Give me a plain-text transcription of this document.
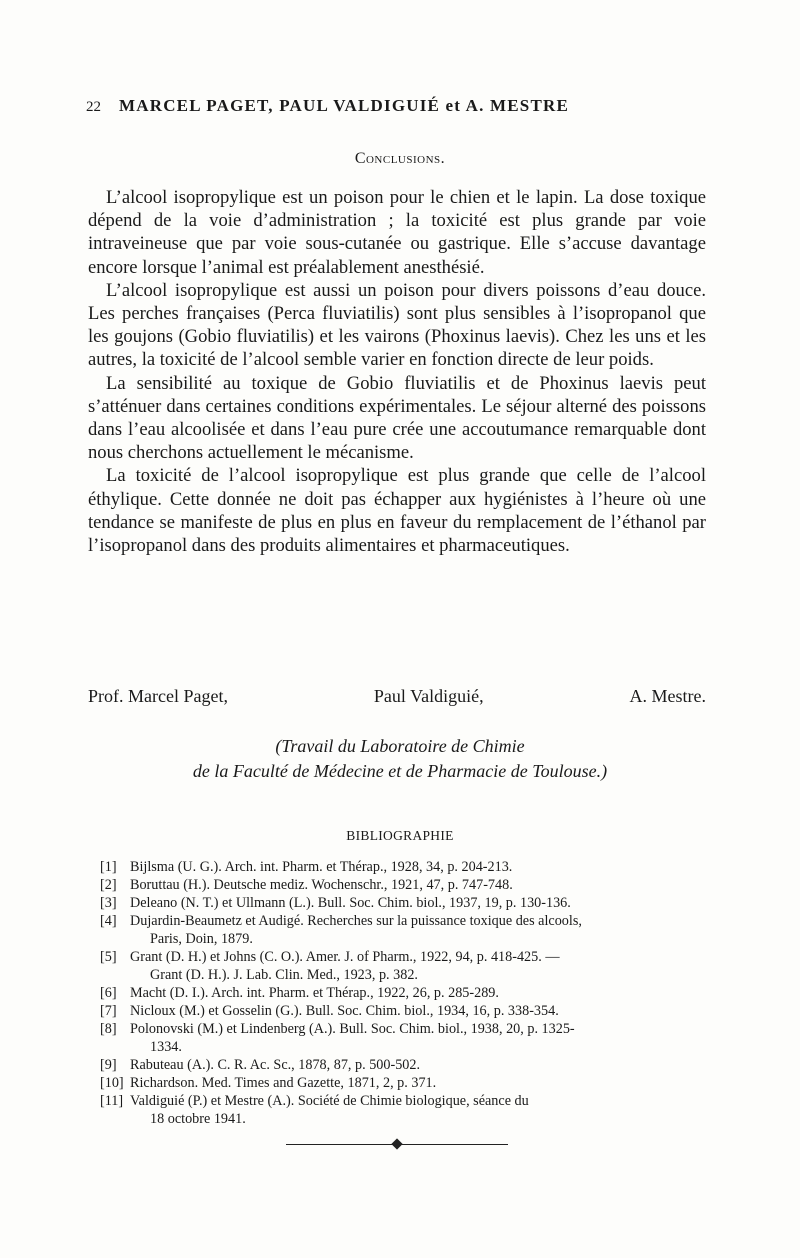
22 MARCEL PAGET, PAUL VALDIGUIÉ et A. MESTRE
Conclusions.

L’alcool isopropylique est un poison pour le chien et le lapin. La dose toxique dépend de la voie d’administration ; la toxicité est plus grande par voie intraveineuse que par voie sous-cutanée ou gastrique. Elle s’accuse davantage encore lorsque l’animal est préalablement anesthésié.

L’alcool isopropylique est aussi un poison pour divers poissons d’eau douce. Les perches françaises (Perca fluviatilis) sont plus sensibles à l’isopropanol que les goujons (Gobio fluviatilis) et les vairons (Phoxinus laevis). Chez les uns et les autres, la toxicité de l’alcool semble varier en fonction directe de leur poids.

La sensibilité au toxique de Gobio fluviatilis et de Phoxinus laevis peut s’atténuer dans certaines conditions expérimentales. Le séjour alterné des poissons dans l’eau alcoolisée et dans l’eau pure crée une accoutumance remarquable dont nous cherchons actuellement le mécanisme.

La toxicité de l’alcool isopropylique est plus grande que celle de l’alcool éthylique. Cette donnée ne doit pas échapper aux hygiénistes à l’heure où une tendance se manifeste de plus en plus en faveur du remplacement de l’éthanol par l’isopropanol dans des produits alimentaires et pharmaceutiques.

Prof. Marcel Paget,	Paul Valdiguié,	A. Mestre.
(Travail du Laboratoire de Chimie
de la Faculté de Médecine et de Pharmacie de Toulouse.)
BIBLIOGRAPHIE
[1] Bijlsma (U. G.). Arch. int. Pharm. et Thérap., 1928, 34, p. 204-213.
[2] Boruttau (H.). Deutsche mediz. Wochenschr., 1921, 47, p. 747-748.
[3] Deleano (N. T.) et Ullmann (L.). Bull. Soc. Chim. biol., 1937, 19, p. 130-136.
[4] Dujardin-Beaumetz et Audigé. Recherches sur la puissance toxique des alcools,
Paris, Doin, 1879.
[5] Grant (D. H.) et Johns (C. O.). Amer. J. of Pharm., 1922, 94, p. 418-425. —
Grant (D. H.). J. Lab. Clin. Med., 1923, p. 382.
[6] Macht (D. I.). Arch. int. Pharm. et Thérap., 1922, 26, p. 285-289.
[7] Nicloux (M.) et Gosselin (G.). Bull. Soc. Chim. biol., 1934, 16, p. 338-354.
[8] Polonovski (M.) et Lindenberg (A.). Bull. Soc. Chim. biol., 1938, 20, p. 1325-
1334.
[9] Rabuteau (A.). C. R. Ac. Sc., 1878, 87, p. 500-502.
[10] Richardson. Med. Times and Gazette, 1871, 2, p. 371.
[11] Valdiguié (P.) et Mestre (A.). Société de Chimie biologique, séance du
18 octobre 1941.
